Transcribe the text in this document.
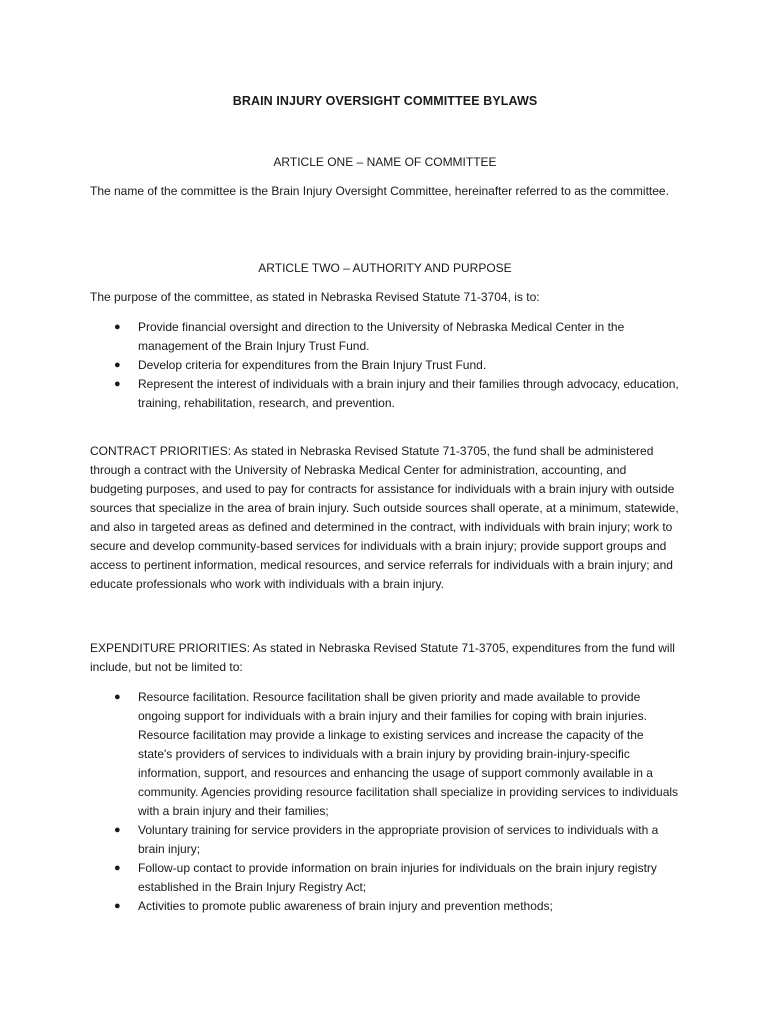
BRAIN INJURY OVERSIGHT COMMITTEE BYLAWS
ARTICLE ONE – NAME OF COMMITTEE
The name of the committee is the Brain Injury Oversight Committee, hereinafter referred to as the committee.
ARTICLE TWO – AUTHORITY AND PURPOSE
The purpose of the committee, as stated in Nebraska Revised Statute 71-3704, is to:
● Provide financial oversight and direction to the University of Nebraska Medical Center in the management of the Brain Injury Trust Fund.
● Develop criteria for expenditures from the Brain Injury Trust Fund.
● Represent the interest of individuals with a brain injury and their families through advocacy, education, training, rehabilitation, research, and prevention.
CONTRACT PRIORITIES: As stated in Nebraska Revised Statute 71-3705, the fund shall be administered through a contract with the University of Nebraska Medical Center for administration, accounting, and budgeting purposes, and used to pay for contracts for assistance for individuals with a brain injury with outside sources that specialize in the area of brain injury. Such outside sources shall operate, at a minimum, statewide, and also in targeted areas as defined and determined in the contract, with individuals with brain injury; work to secure and develop community-based services for individuals with a brain injury; provide support groups and access to pertinent information, medical resources, and service referrals for individuals with a brain injury; and educate professionals who work with individuals with a brain injury.
EXPENDITURE PRIORITIES: As stated in Nebraska Revised Statute 71-3705, expenditures from the fund will include, but not be limited to:
● Resource facilitation. Resource facilitation shall be given priority and made available to provide ongoing support for individuals with a brain injury and their families for coping with brain injuries. Resource facilitation may provide a linkage to existing services and increase the capacity of the state's providers of services to individuals with a brain injury by providing brain-injury-specific information, support, and resources and enhancing the usage of support commonly available in a community. Agencies providing resource facilitation shall specialize in providing services to individuals with a brain injury and their families;
● Voluntary training for service providers in the appropriate provision of services to individuals with a brain injury;
● Follow-up contact to provide information on brain injuries for individuals on the brain injury registry established in the Brain Injury Registry Act;
● Activities to promote public awareness of brain injury and prevention methods;
